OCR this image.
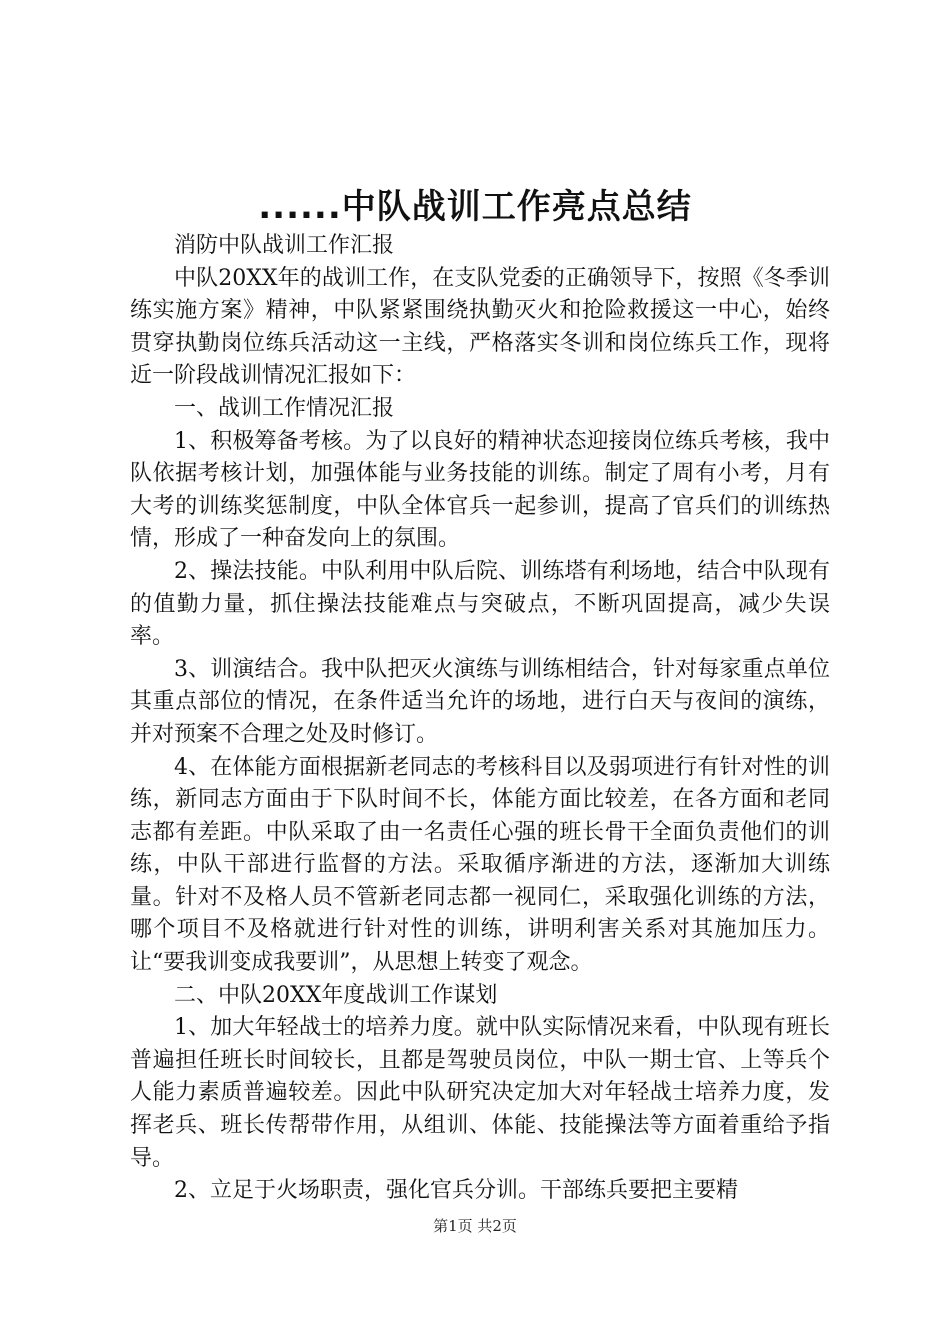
......中队战训工作亮点总结

消防中队战训工作汇报

中队20XX年的战训工作，在支队党委的正确领导下，按照《冬季训练实施方案》精神，中队紧紧围绕执勤灭火和抢险救援这一中心，始终贯穿执勤岗位练兵活动这一主线，严格落实冬训和岗位练兵工作，现将近一阶段战训情况汇报如下：

一、战训工作情况汇报

1、积极筹备考核。为了以良好的精神状态迎接岗位练兵考核，我中队依据考核计划，加强体能与业务技能的训练。制定了周有小考，月有大考的训练奖惩制度，中队全体官兵一起参训，提高了官兵们的训练热情，形成了一种奋发向上的氛围。

2、操法技能。中队利用中队后院、训练塔有利场地，结合中队现有的值勤力量，抓住操法技能难点与突破点，不断巩固提高，减少失误率。

3、训演结合。我中队把灭火演练与训练相结合，针对每家重点单位其重点部位的情况，在条件适当允许的场地，进行白天与夜间的演练，并对预案不合理之处及时修订。

4、在体能方面根据新老同志的考核科目以及弱项进行有针对性的训练，新同志方面由于下队时间不长，体能方面比较差，在各方面和老同志都有差距。中队采取了由一名责任心强的班长骨干全面负责他们的训练，中队干部进行监督的方法。采取循序渐进的方法，逐渐加大训练量。针对不及格人员不管新老同志都一视同仁，采取强化训练的方法，哪个项目不及格就进行针对性的训练，讲明利害关系对其施加压力。让“要我训变成我要训”，从思想上转变了观念。

二、中队20XX年度战训工作谋划

1、加大年轻战士的培养力度。就中队实际情况来看，中队现有班长普遍担任班长时间较长，且都是驾驶员岗位，中队一期士官、上等兵个人能力素质普遍较差。因此中队研究决定加大对年轻战士培养力度，发挥老兵、班长传帮带作用，从组训、体能、技能操法等方面着重给予指导。

2、立足于火场职责，强化官兵分训。干部练兵要把主要精

第1页 共2页
